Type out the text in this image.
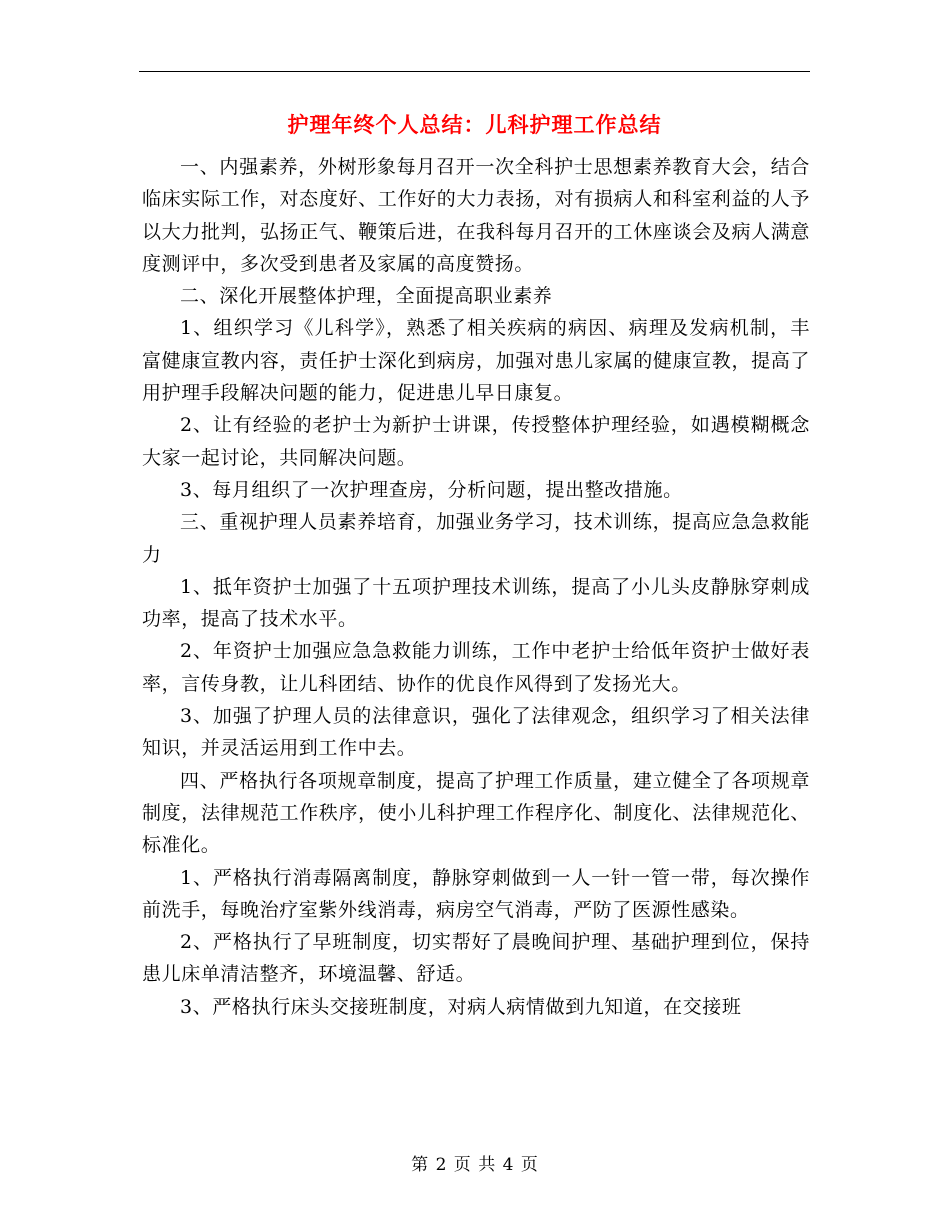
护理年终个人总结：儿科护理工作总结

一、内强素养，外树形象每月召开一次全科护士思想素养教育大会，结合临床实际工作，对态度好、工作好的大力表扬，对有损病人和科室利益的人予以大力批判，弘扬正气、鞭策后进，在我科每月召开的工休座谈会及病人满意度测评中，多次受到患者及家属的高度赞扬。

二、深化开展整体护理，全面提高职业素养

1、组织学习《儿科学》，熟悉了相关疾病的病因、病理及发病机制，丰富健康宣教内容，责任护士深化到病房，加强对患儿家属的健康宣教，提高了用护理手段解决问题的能力，促进患儿早日康复。

2、让有经验的老护士为新护士讲课，传授整体护理经验，如遇模糊概念大家一起讨论，共同解决问题。

3、每月组织了一次护理查房，分析问题，提出整改措施。

三、重视护理人员素养培育，加强业务学习，技术训练，提高应急急救能力

1、抵年资护士加强了十五项护理技术训练，提高了小儿头皮静脉穿刺成功率，提高了技术水平。

2、年资护士加强应急急救能力训练，工作中老护士给低年资护士做好表率，言传身教，让儿科团结、协作的优良作风得到了发扬光大。

3、加强了护理人员的法律意识，强化了法律观念，组织学习了相关法律知识，并灵活运用到工作中去。

四、严格执行各项规章制度，提高了护理工作质量，建立健全了各项规章制度，法律规范工作秩序，使小儿科护理工作程序化、制度化、法律规范化、标准化。

1、严格执行消毒隔离制度，静脉穿刺做到一人一针一管一带，每次操作前洗手，每晚治疗室紫外线消毒，病房空气消毒，严防了医源性感染。

2、严格执行了早班制度，切实帮好了晨晚间护理、基础护理到位，保持患儿床单清洁整齐，环境温馨、舒适。

3、严格执行床头交接班制度，对病人病情做到九知道，在交接班

第 2 页 共 4 页
